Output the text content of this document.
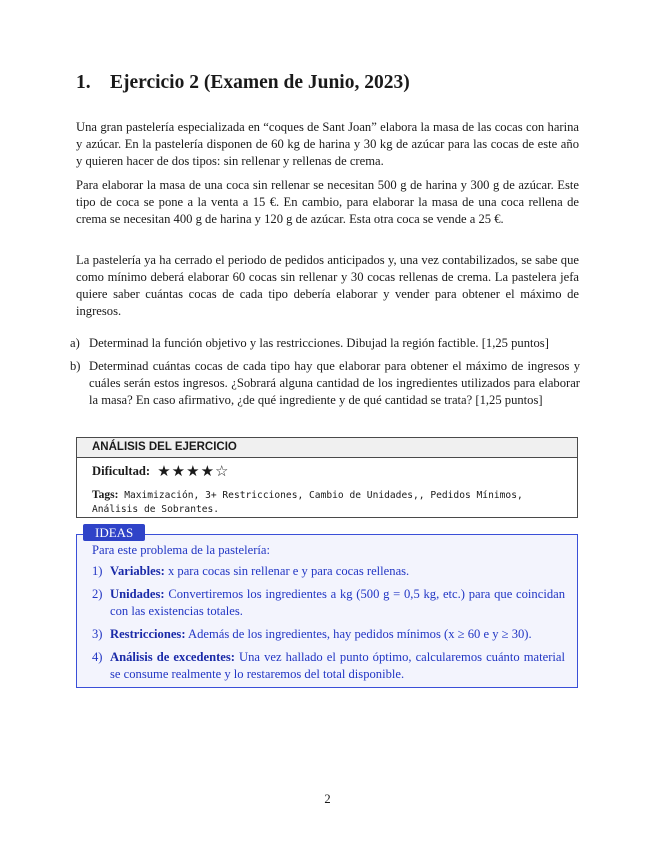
1. Ejercicio 2 (Examen de Junio, 2023)

Una gran pastelería especializada en “coques de Sant Joan” elabora la masa de las cocas con harina y azúcar. En la pastelería disponen de 60 kg de harina y 30 kg de azúcar para las cocas de este año y quieren hacer de dos tipos: sin rellenar y rellenas de crema.

Para elaborar la masa de una coca sin rellenar se necesitan 500 g de harina y 300 g de azúcar. Este tipo de coca se pone a la venta a 15 €. En cambio, para elaborar la masa de una coca rellena de crema se necesitan 400 g de harina y 120 g de azúcar. Esta otra coca se vende a 25 €.

La pastelería ya ha cerrado el periodo de pedidos anticipados y, una vez contabilizados, se sabe que como mínimo deberá elaborar 60 cocas sin rellenar y 30 cocas rellenas de crema. La pastelera jefa quiere saber cuántas cocas de cada tipo debería elaborar y vender para obtener el máximo de ingresos.

a) Determinad la función objetivo y las restricciones. Dibujad la región factible. [1,25 puntos]
b) Determinad cuántas cocas de cada tipo hay que elaborar para obtener el máximo de ingresos y cuáles serán estos ingresos. ¿Sobrará alguna cantidad de los ingredientes utilizados para elaborar la masa? En caso afirmativo, ¿de qué ingrediente y de qué cantidad se trata? [1,25 puntos]
ANÁLISIS DEL EJERCICIO
Dificultad: ★★★★☆
Tags: Maximización, 3+ Restricciones, Cambio de Unidades,, Pedidos Mínimos, Análisis de Sobrantes.
IDEAS
Para este problema de la pastelería:
1) Variables: x para cocas sin rellenar e y para cocas rellenas.
2) Unidades: Convertiremos los ingredientes a kg (500 g = 0,5 kg, etc.) para que coincidan con las existencias totales.
3) Restricciones: Además de los ingredientes, hay pedidos mínimos (x ≥ 60 e y ≥ 30).
4) Análisis de excedentes: Una vez hallado el punto óptimo, calcularemos cuánto material se consume realmente y lo restaremos del total disponible.
2
